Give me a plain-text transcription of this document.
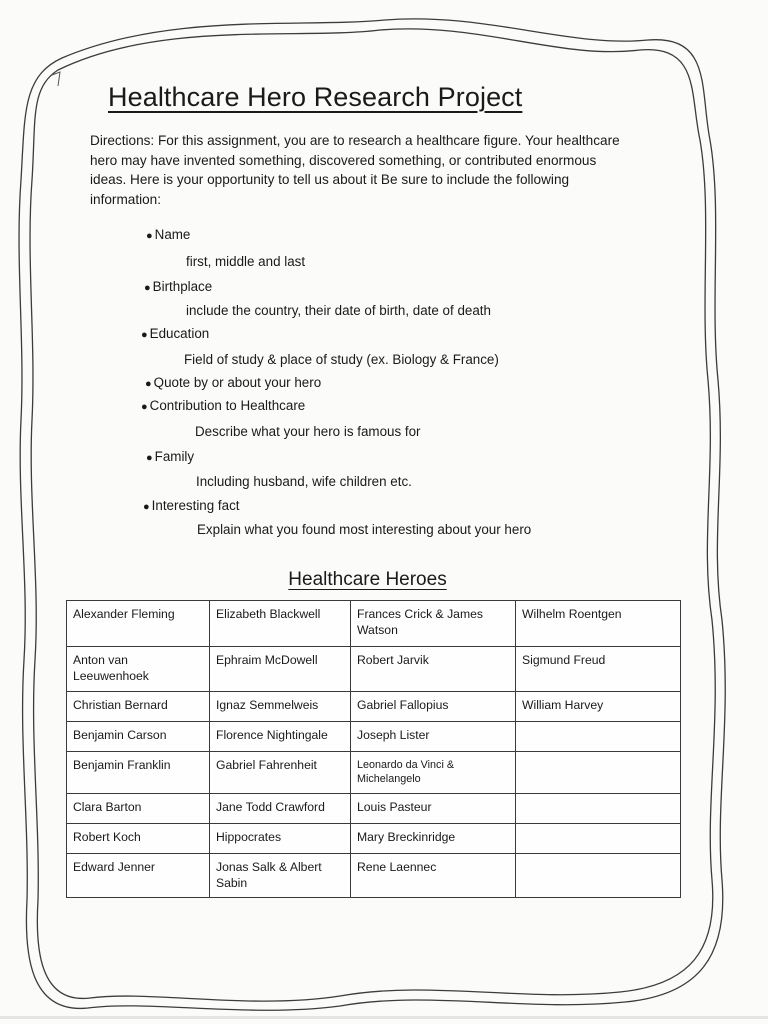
Healthcare Hero Research Project

Directions: For this assignment, you are to research a healthcare figure. Your healthcare hero may have invented something, discovered something, or contributed enormous ideas. Here is your opportunity to tell us about it Be sure to include the following information:

● Name
first, middle and last
● Birthplace
include the country, their date of birth, date of death
● Education
Field of study & place of study (ex. Biology & France)
● Quote by or about your hero
● Contribution to Healthcare
Describe what your hero is famous for
● Family
Including husband, wife children etc.
● Interesting fact
Explain what you found most interesting about your hero
Healthcare Heroes
Alexander Fleming	Elizabeth Blackwell	Frances Crick & James Watson	Wilhelm Roentgen
Anton van Leeuwenhoek	Ephraim McDowell	Robert Jarvik	Sigmund Freud
Christian Bernard	Ignaz Semmelweis	Gabriel Fallopius	William Harvey
Benjamin Carson	Florence Nightingale	Joseph Lister	
Benjamin Franklin	Gabriel Fahrenheit	Leonardo da Vinci & Michelangelo	
Clara Barton	Jane Todd Crawford	Louis Pasteur	
Robert Koch	Hippocrates	Mary Breckinridge	
Edward Jenner	Jonas Salk & Albert Sabin	Rene Laennec	
